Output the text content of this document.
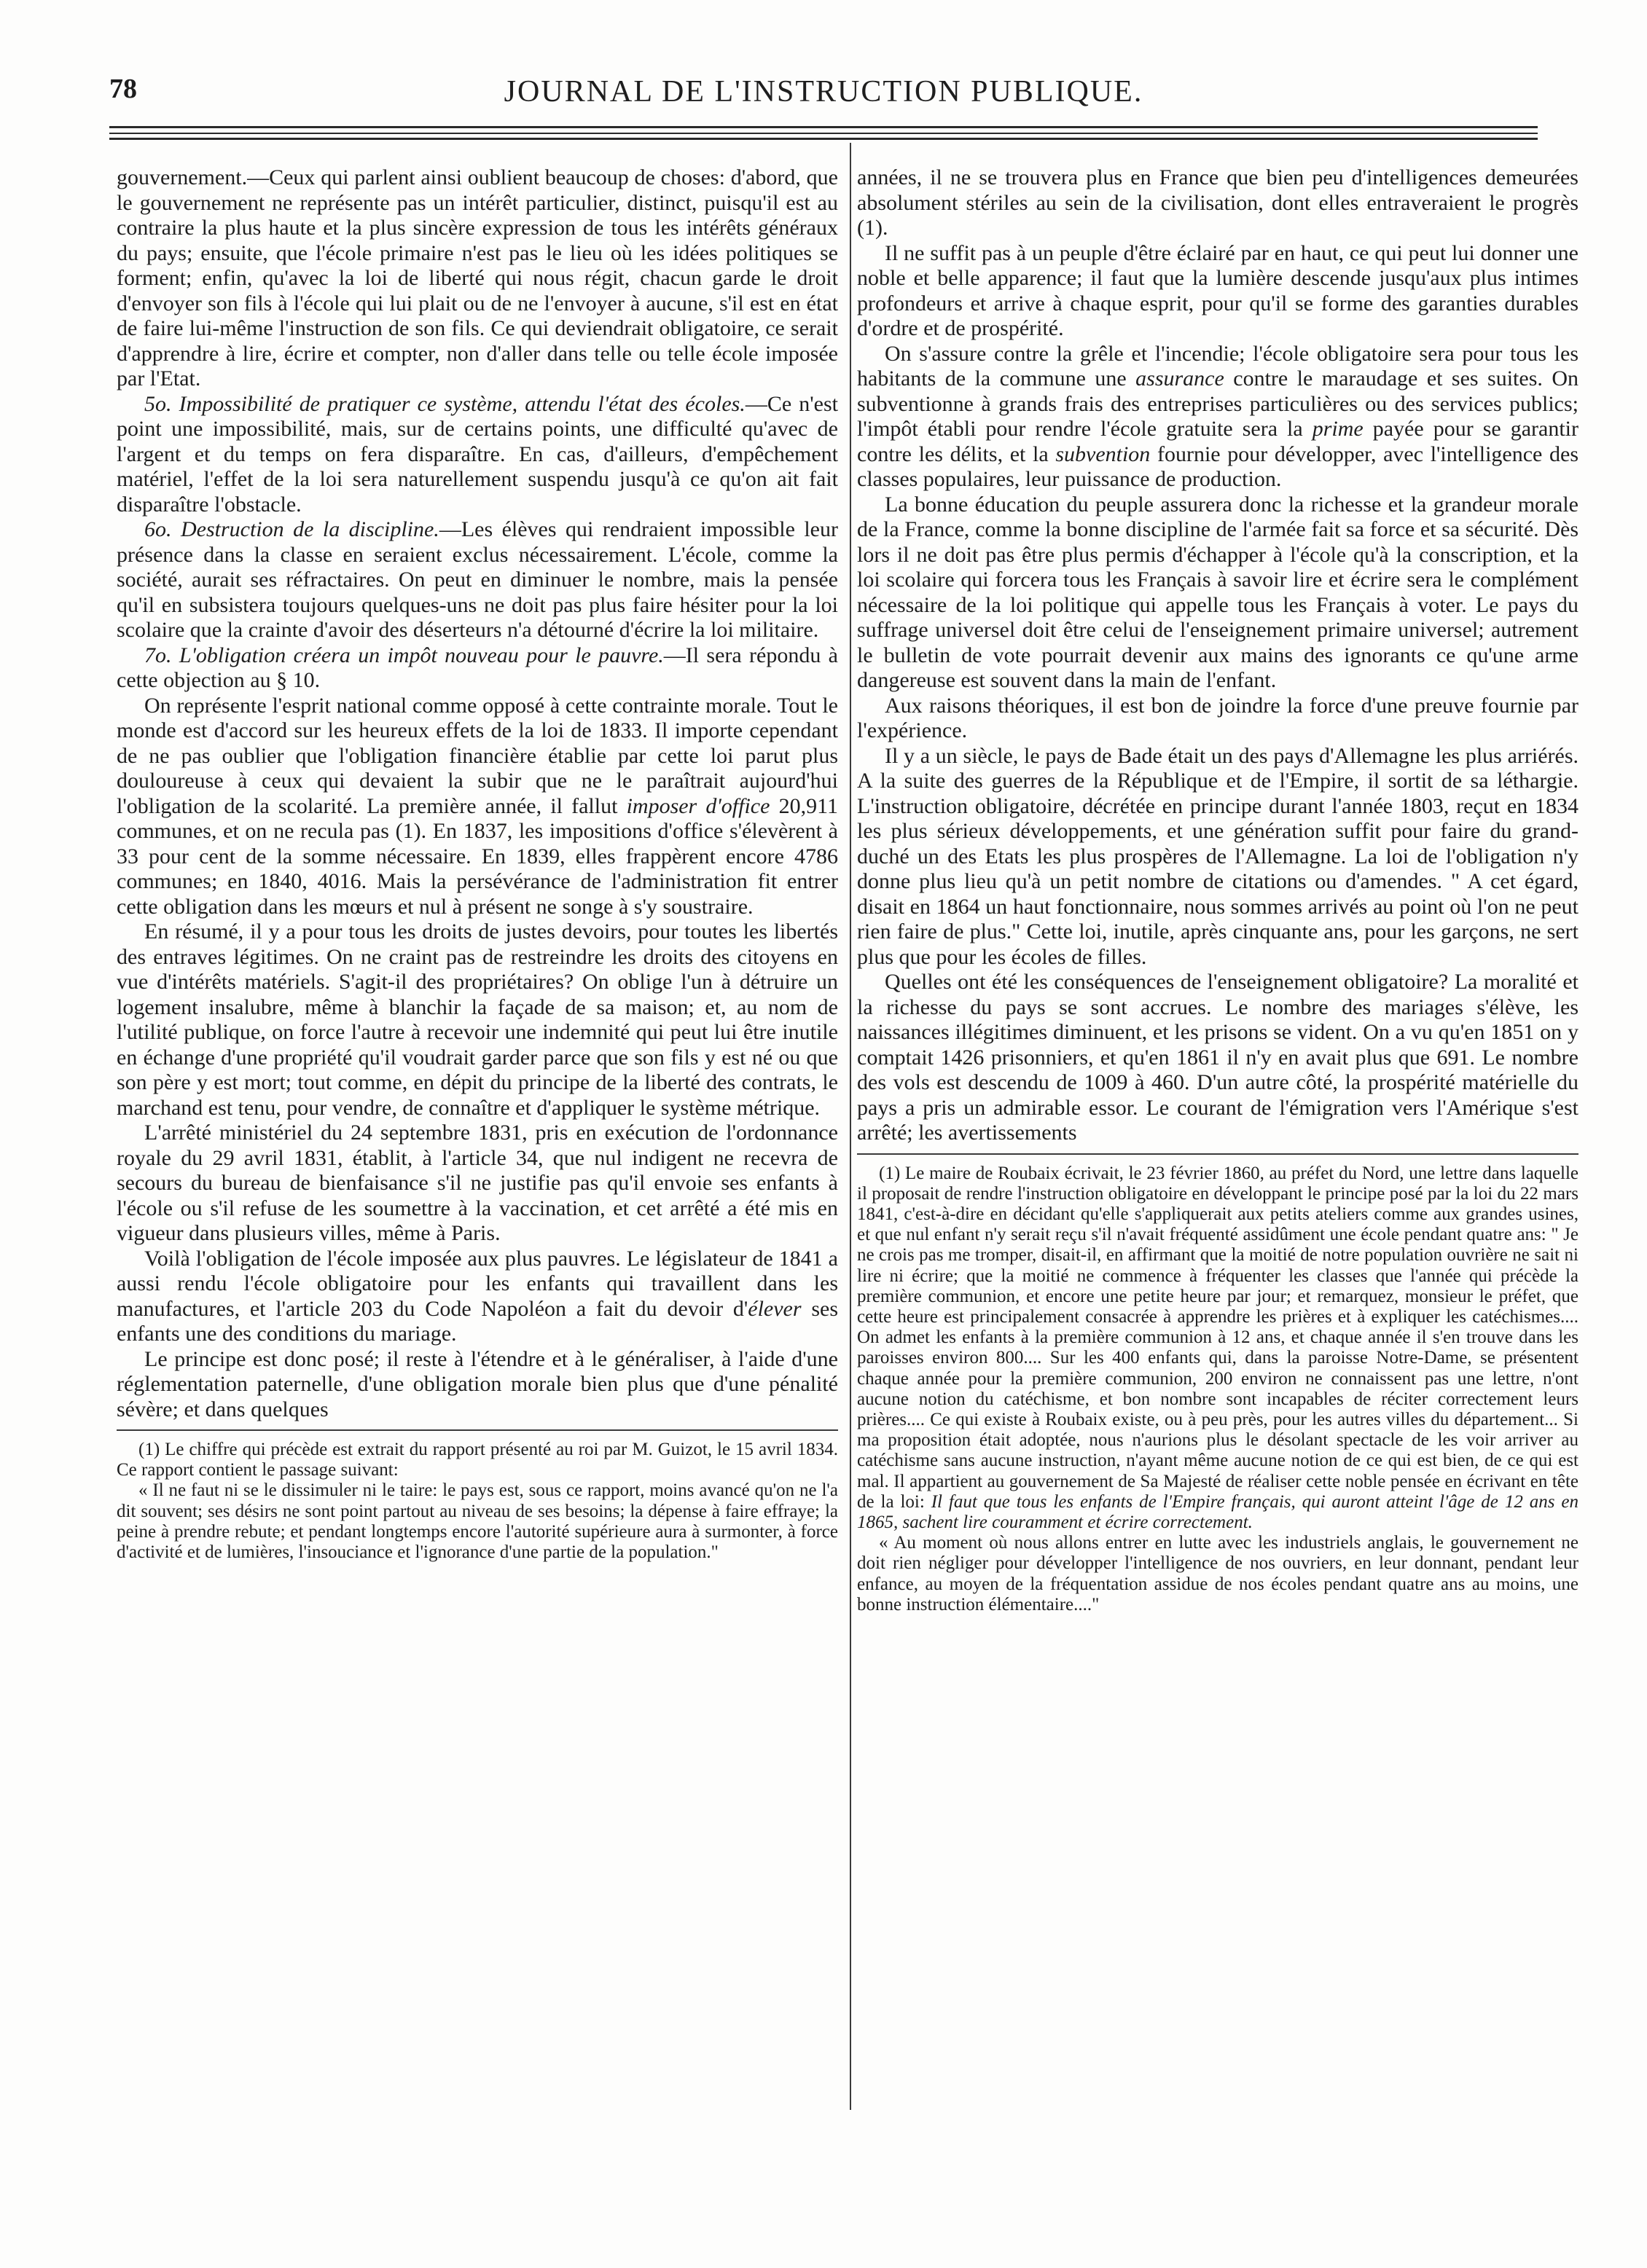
78	JOURNAL DE L'INSTRUCTION PUBLIQUE.

gouvernement.—Ceux qui parlent ainsi oublient beaucoup de choses: d'abord, que le gouvernement ne représente pas un intérêt particulier, distinct, puisqu'il est au contraire la plus haute et la plus sincère expression de tous les intérêts généraux du pays; ensuite, que l'école primaire n'est pas le lieu où les idées politiques se forment; enfin, qu'avec la loi de liberté qui nous régit, chacun garde le droit d'envoyer son fils à l'école qui lui plait ou de ne l'envoyer à aucune, s'il est en état de faire lui-même l'instruction de son fils. Ce qui deviendrait obligatoire, ce serait d'apprendre à lire, écrire et compter, non d'aller dans telle ou telle école imposée par l'Etat.

5o. Impossibilité de pratiquer ce système, attendu l'état des écoles.—Ce n'est point une impossibilité, mais, sur de certains points, une difficulté qu'avec de l'argent et du temps on fera disparaître. En cas, d'ailleurs, d'empêchement matériel, l'effet de la loi sera naturellement suspendu jusqu'à ce qu'on ait fait disparaître l'obstacle.

6o. Destruction de la discipline.—Les élèves qui rendraient impossible leur présence dans la classe en seraient exclus nécessairement. L'école, comme la société, aurait ses réfractaires. On peut en diminuer le nombre, mais la pensée qu'il en subsistera toujours quelques-uns ne doit pas plus faire hésiter pour la loi scolaire que la crainte d'avoir des déserteurs n'a détourné d'écrire la loi militaire.

7o. L'obligation créera un impôt nouveau pour le pauvre.—Il sera répondu à cette objection au § 10.

On représente l'esprit national comme opposé à cette contrainte morale. Tout le monde est d'accord sur les heureux effets de la loi de 1833. Il importe cependant de ne pas oublier que l'obligation financière établie par cette loi parut plus douloureuse à ceux qui devaient la subir que ne le paraîtrait aujourd'hui l'obligation de la scolarité. La première année, il fallut imposer d'office 20,911 communes, et on ne recula pas (1). En 1837, les impositions d'office s'élevèrent à 33 pour cent de la somme nécessaire. En 1839, elles frappèrent encore 4786 communes; en 1840, 4016. Mais la persévérance de l'administration fit entrer cette obligation dans les mœurs et nul à présent ne songe à s'y soustraire.

En résumé, il y a pour tous les droits de justes devoirs, pour toutes les libertés des entraves légitimes. On ne craint pas de restreindre les droits des citoyens en vue d'intérêts matériels. S'agit-il des propriétaires? On oblige l'un à détruire un logement insalubre, même à blanchir la façade de sa maison; et, au nom de l'utilité publique, on force l'autre à recevoir une indemnité qui peut lui être inutile en échange d'une propriété qu'il voudrait garder parce que son fils y est né ou que son père y est mort; tout comme, en dépit du principe de la liberté des contrats, le marchand est tenu, pour vendre, de connaître et d'appliquer le système métrique.

L'arrêté ministériel du 24 septembre 1831, pris en exécution de l'ordonnance royale du 29 avril 1831, établit, à l'article 34, que nul indigent ne recevra de secours du bureau de bienfaisance s'il ne justifie pas qu'il envoie ses enfants à l'école ou s'il refuse de les soumettre à la vaccination, et cet arrêté a été mis en vigueur dans plusieurs villes, même à Paris.

Voilà l'obligation de l'école imposée aux plus pauvres. Le législateur de 1841 a aussi rendu l'école obligatoire pour les enfants qui travaillent dans les manufactures, et l'article 203 du Code Napoléon a fait du devoir d'élever ses enfants une des conditions du mariage.

Le principe est donc posé; il reste à l'étendre et à le généraliser, à l'aide d'une réglementation paternelle, d'une obligation morale bien plus que d'une pénalité sévère; et dans quelques

(1) Le chiffre qui précède est extrait du rapport présenté au roi par M. Guizot, le 15 avril 1834. Ce rapport contient le passage suivant:

« Il ne faut ni se le dissimuler ni le taire: le pays est, sous ce rapport, moins avancé qu'on ne l'a dit souvent; ses désirs ne sont point partout au niveau de ses besoins; la dépense à faire effraye; la peine à prendre rebute; et pendant longtemps encore l'autorité supérieure aura à surmonter, à force d'activité et de lumières, l'insouciance et l'ignorance d'une partie de la population."

années, il ne se trouvera plus en France que bien peu d'intelligences demeurées absolument stériles au sein de la civilisation, dont elles entraveraient le progrès (1).

Il ne suffit pas à un peuple d'être éclairé par en haut, ce qui peut lui donner une noble et belle apparence; il faut que la lumière descende jusqu'aux plus intimes profondeurs et arrive à chaque esprit, pour qu'il se forme des garanties durables d'ordre et de prospérité.

On s'assure contre la grêle et l'incendie; l'école obligatoire sera pour tous les habitants de la commune une assurance contre le maraudage et ses suites. On subventionne à grands frais des entreprises particulières ou des services publics; l'impôt établi pour rendre l'école gratuite sera la prime payée pour se garantir contre les délits, et la subvention fournie pour développer, avec l'intelligence des classes populaires, leur puissance de production.

La bonne éducation du peuple assurera donc la richesse et la grandeur morale de la France, comme la bonne discipline de l'armée fait sa force et sa sécurité. Dès lors il ne doit pas être plus permis d'échapper à l'école qu'à la conscription, et la loi scolaire qui forcera tous les Français à savoir lire et écrire sera le complément nécessaire de la loi politique qui appelle tous les Français à voter. Le pays du suffrage universel doit être celui de l'enseignement primaire universel; autrement le bulletin de vote pourrait devenir aux mains des ignorants ce qu'une arme dangereuse est souvent dans la main de l'enfant.

Aux raisons théoriques, il est bon de joindre la force d'une preuve fournie par l'expérience.

Il y a un siècle, le pays de Bade était un des pays d'Allemagne les plus arriérés. A la suite des guerres de la République et de l'Empire, il sortit de sa léthargie. L'instruction obligatoire, décrétée en principe durant l'année 1803, reçut en 1834 les plus sérieux développements, et une génération suffit pour faire du grand-duché un des Etats les plus prospères de l'Allemagne. La loi de l'obligation n'y donne plus lieu qu'à un petit nombre de citations ou d'amendes. " A cet égard, disait en 1864 un haut fonctionnaire, nous sommes arrivés au point où l'on ne peut rien faire de plus." Cette loi, inutile, après cinquante ans, pour les garçons, ne sert plus que pour les écoles de filles.

Quelles ont été les conséquences de l'enseignement obligatoire? La moralité et la richesse du pays se sont accrues. Le nombre des mariages s'élève, les naissances illégitimes diminuent, et les prisons se vident. On a vu qu'en 1851 on y comptait 1426 prisonniers, et qu'en 1861 il n'y en avait plus que 691. Le nombre des vols est descendu de 1009 à 460. D'un autre côté, la prospérité matérielle du pays a pris un admirable essor. Le courant de l'émigration vers l'Amérique s'est arrêté; les avertissements

(1) Le maire de Roubaix écrivait, le 23 février 1860, au préfet du Nord, une lettre dans laquelle il proposait de rendre l'instruction obligatoire en développant le principe posé par la loi du 22 mars 1841, c'est-à-dire en décidant qu'elle s'appliquerait aux petits ateliers comme aux grandes usines, et que nul enfant n'y serait reçu s'il n'avait fréquenté assidûment une école pendant quatre ans: " Je ne crois pas me tromper, disait-il, en affirmant que la moitié de notre population ouvrière ne sait ni lire ni écrire; que la moitié ne commence à fréquenter les classes que l'année qui précède la première communion, et encore une petite heure par jour; et remarquez, monsieur le préfet, que cette heure est principalement consacrée à apprendre les prières et à expliquer les catéchismes.... On admet les enfants à la première communion à 12 ans, et chaque année il s'en trouve dans les paroisses environ 800.... Sur les 400 enfants qui, dans la paroisse Notre-Dame, se présentent chaque année pour la première communion, 200 environ ne connaissent pas une lettre, n'ont aucune notion du catéchisme, et bon nombre sont incapables de réciter correctement leurs prières.... Ce qui existe à Roubaix existe, ou à peu près, pour les autres villes du département... Si ma proposition était adoptée, nous n'aurions plus le désolant spectacle de les voir arriver au catéchisme sans aucune instruction, n'ayant même aucune notion de ce qui est bien, de ce qui est mal. Il appartient au gouvernement de Sa Majesté de réaliser cette noble pensée en écrivant en tête de la loi: Il faut que tous les enfants de l'Empire français, qui auront atteint l'âge de 12 ans en 1865, sachent lire couramment et écrire correctement.

« Au moment où nous allons entrer en lutte avec les industriels anglais, le gouvernement ne doit rien négliger pour développer l'intelligence de nos ouvriers, en leur donnant, pendant leur enfance, au moyen de la fréquentation assidue de nos écoles pendant quatre ans au moins, une bonne instruction élémentaire...."
